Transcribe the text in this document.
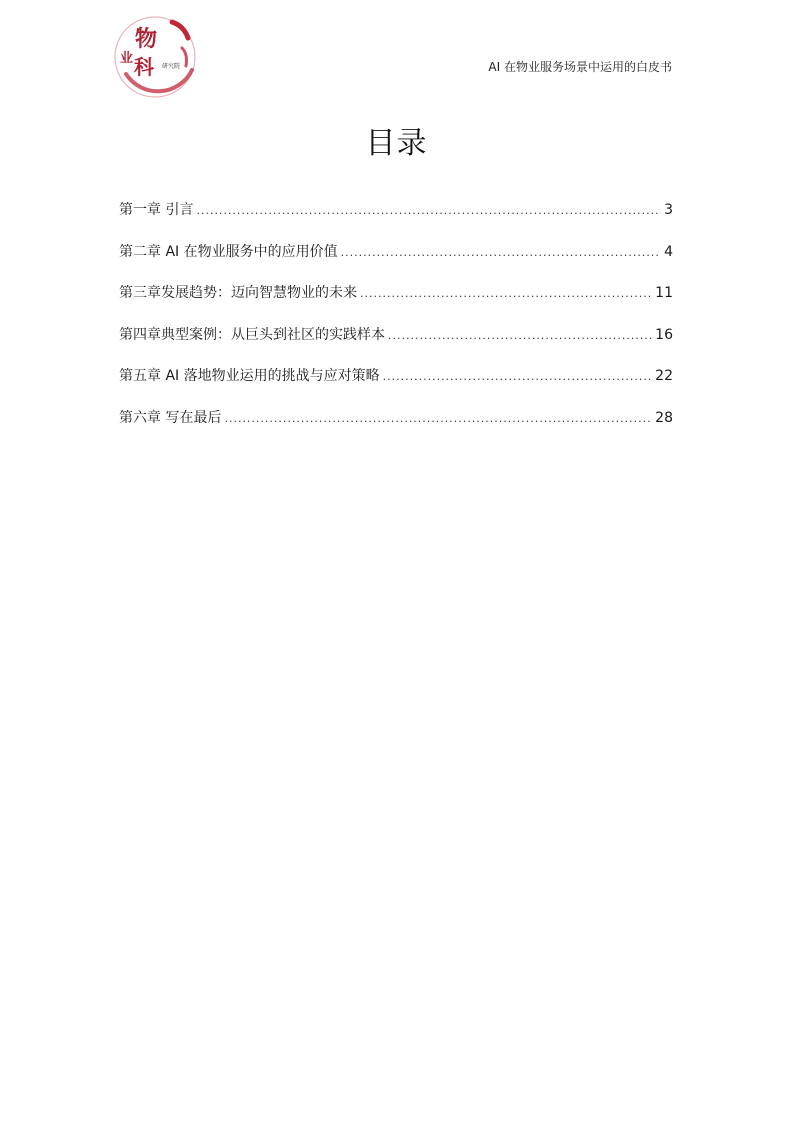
物
业 科 研究院	AI 在物业服务场景中运用的白皮书
目录
第一章 引言 .....	3
第二章 AI 在物业服务中的应用价值 .....	4
第三章发展趋势：迈向智慧物业的未来 .....	11
第四章典型案例：从巨头到社区的实践样本 .....	16
第五章 AI 落地物业运用的挑战与应对策略 .....	22
第六章 写在最后 .....	28
